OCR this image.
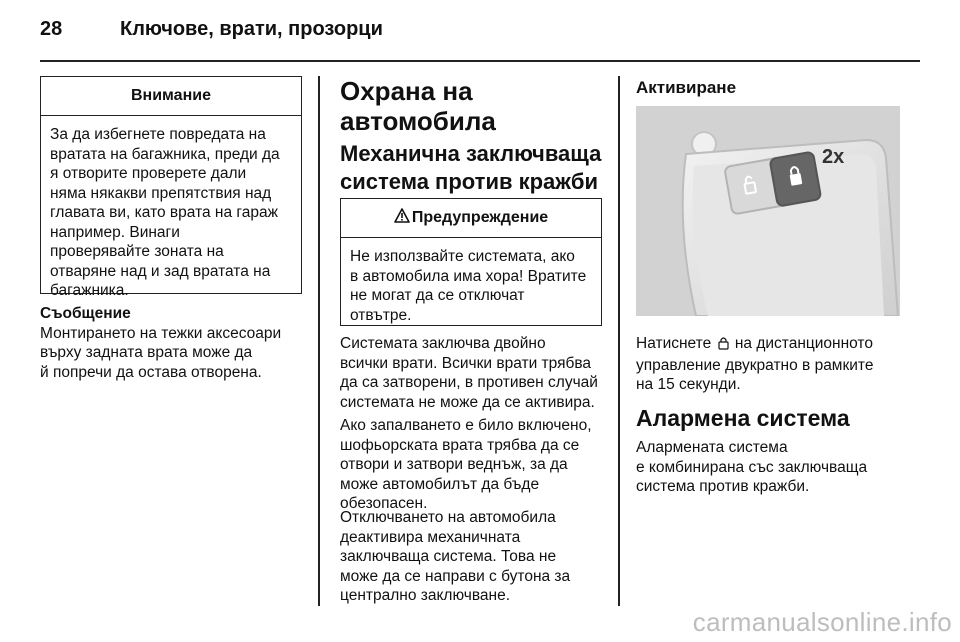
28	Ключове, врати, прозорци
Внимание
За да избегнете повредата на
вратата на багажника, преди да
я отворите проверете дали
няма някакви препятствия над
главата ви, като врата на гараж
например. Винаги
проверявайте зоната на
отваряне над и зад вратата на
багажника.
Съобщение
Монтирането на тежки аксесоари
върху задната врата може да
й попречи да остава отворена.
Охрана на
автомобила
Механична заключваща
система против кражби
Предупреждение
Не използвайте системата, ако
в автомобила има хора! Вратите
не могат да се отключат
отвътре.
Системата заключва двойно
всички врати. Всички врати трябва
да са затворени, в противен случай
системата не може да се активира.
Ако запалването е било включено,
шофьорската врата трябва да се
отвори и затвори веднъж, за да
може автомобилът да бъде
обезопасен.
Отключването на автомобила
деактивира механичната
заключваща система. Това не
може да се направи с бутона за
централно заключване.
Активиране
2x
Натиснете на дистанционното
управление двукратно в рамките
на 15 секунди.
Алармена система
Алармената система
е комбинирана със заключваща
система против кражби.
carmanualsonline.info
